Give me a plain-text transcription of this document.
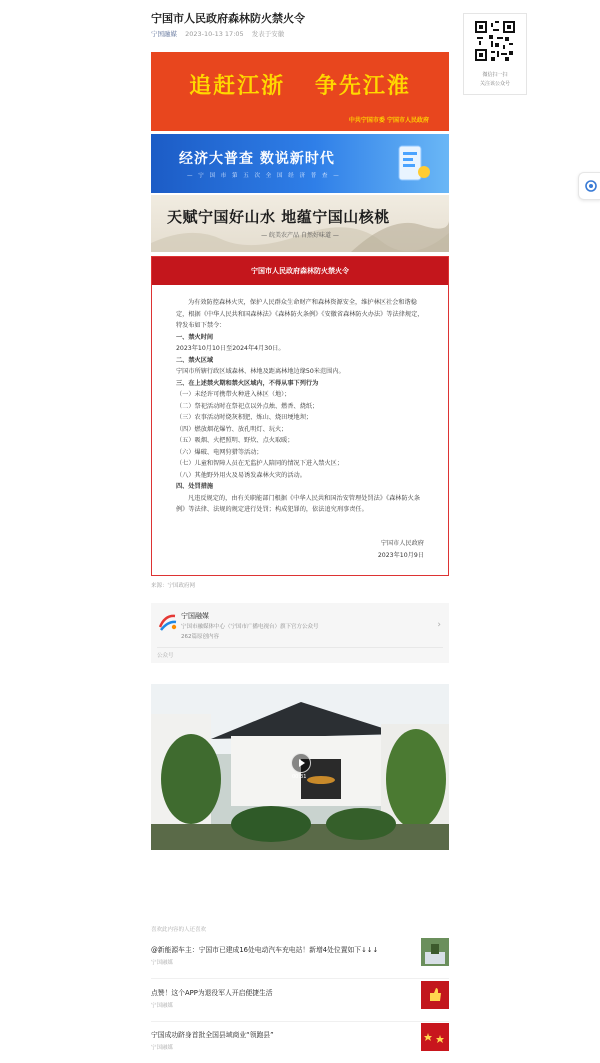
宁国市人民政府森林防火禁火令
宁国融媒 2023-10-13 17:05 发表于安徽
微信扫一扫
关注该公众号
追赶江浙 争先江淮
中共宁国市委 宁国市人民政府
经济大普查 数说新时代
— 宁 国 市 第 五 次 全 国 经 济 普 查 —
天赋宁国好山水 地蕴宁国山核桃
— 皖美农产品 自然好味道 —
宁国市人民政府森林防火禁火令

为有效防控森林火灾，保护人民群众生命财产和森林资源安全，维护林区社会和谐稳定，根据《中华人民共和国森林法》《森林防火条例》《安徽省森林防火办法》等法律规定，特发布如下禁令：

一、禁火时间

2023年10月10日至2024年4月30日。

二、禁火区域

宁国市所辖行政区域森林、林地及距离林地边缘50米范围内。

三、在上述禁火期和禁火区域内，不得从事下列行为

（一）未经许可携带火种进入林区（地）；

（二）祭祀活动时在祭祀点以外点烛、燃香、烧纸；

（三）农事活动时烧灰积肥、炼山、烧田埂地坝；

（四）燃放烟花爆竹、放孔明灯、玩火；

（五）吸烟、火把照明、野炊、点火取暖；

（六）爆破、电网狩猎等活动；

（七）儿童和智障人员在无监护人陪同的情况下进入禁火区；

（八）其他野外用火及易诱发森林火灾的活动。

四、处罚措施

凡违反规定的，由有关职能部门根据《中华人民共和国治安管理处罚法》《森林防火条例》等法律、法规的规定进行处罚；构成犯罪的，依法追究刑事责任。

宁国市人民政府
2023年10月9日
来源：宁国政府网
宁国融媒
宁国市融媒体中心（宁国市广播电视台）旗下官方公众号
262篇原创内容
›
公众号
00:31
喜欢此内容的人还喜欢
@新能源车主：宁国市已建成16处电动汽车充电站！新增4处位置如下↓↓↓
宁国融媒
点赞！这个APP为退役军人开启便捷生活
宁国融媒
宁国成功跻身首批全国县域商业“领跑县”
宁国融媒
